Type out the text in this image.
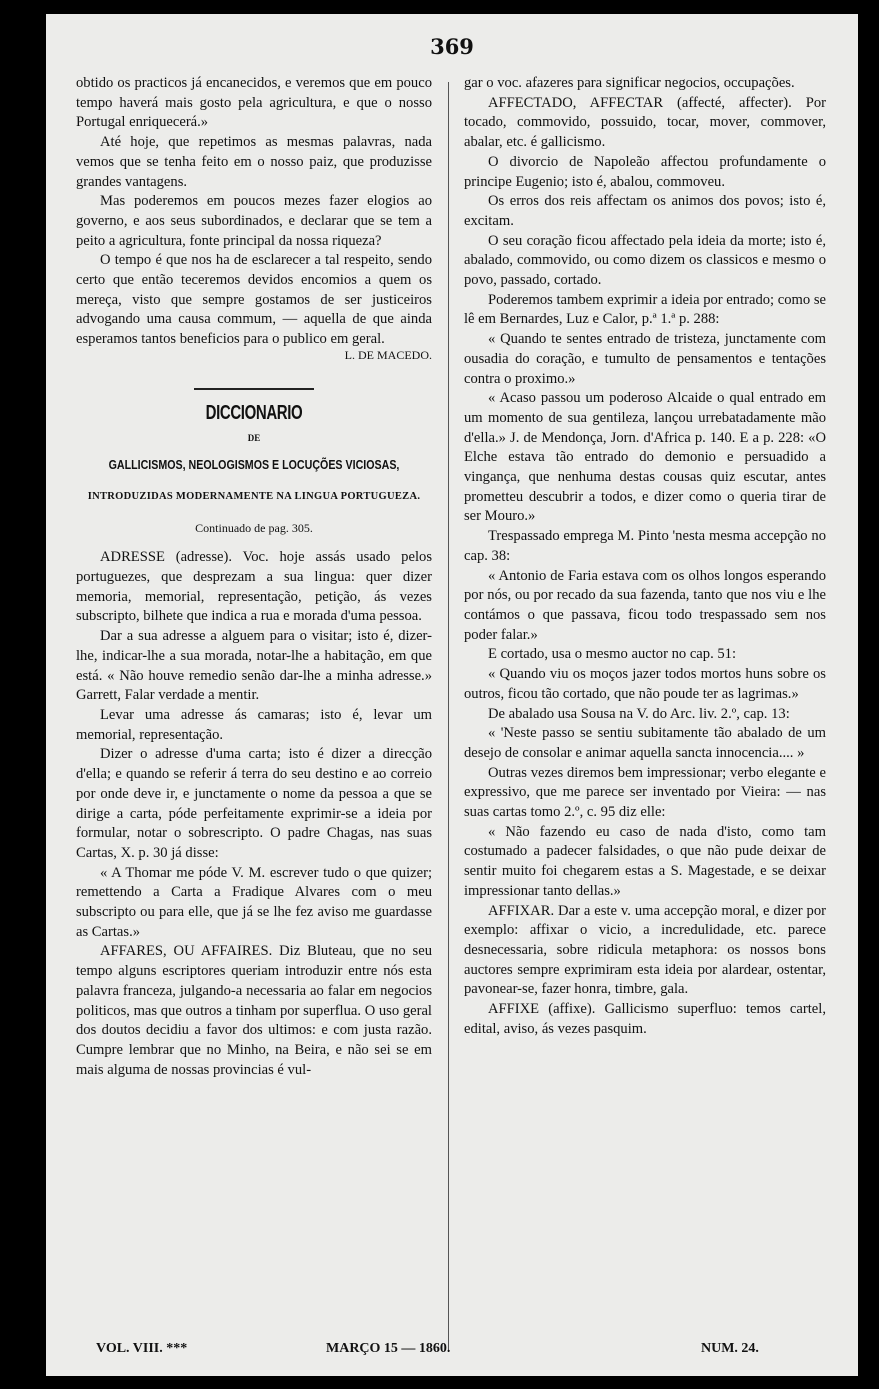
369

obtido os practicos já encanecidos, e veremos que em pouco tempo haverá mais gosto pela agricultura, e que o nosso Portugal enriquecerá.»

Até hoje, que repetimos as mesmas palavras, nada vemos que se tenha feito em o nosso paiz, que produzisse grandes vantagens.

Mas poderemos em poucos mezes fazer elogios ao governo, e aos seus subordinados, e declarar que se tem a peito a agricultura, fonte principal da nossa riqueza?

O tempo é que nos ha de esclarecer a tal respeito, sendo certo que então teceremos devidos encomios a quem os mereça, visto que sempre gostamos de ser justiceiros advogando uma causa commum, — aquella de que ainda esperamos tantos beneficios para o publico em geral.

L. DE MACEDO.

DICCIONARIO
DE
GALLICISMOS, NEOLOGISMOS E LOCUÇÕES VICIOSAS,
INTRODUZIDAS MODERNAMENTE NA LINGUA PORTUGUEZA.
Continuado de pag. 305.

ADRESSE (adresse). Voc. hoje assás usado pelos portuguezes, que desprezam a sua lingua: quer dizer memoria, memorial, representação, petição, ás vezes subscripto, bilhete que indica a rua e morada d'uma pessoa.

Dar a sua adresse a alguem para o visitar; isto é, dizer-lhe, indicar-lhe a sua morada, notar-lhe a habitação, em que está. « Não houve remedio senão dar-lhe a minha adresse.» Garrett, Falar verdade a mentir.

Levar uma adresse ás camaras; isto é, levar um memorial, representação.

Dizer o adresse d'uma carta; isto é dizer a direcção d'ella; e quando se referir á terra do seu destino e ao correio por onde deve ir, e junctamente o nome da pessoa a que se dirige a carta, póde perfeitamente exprimir-se a ideia por formular, notar o sobrescripto. O padre Chagas, nas suas Cartas, X. p. 30 já disse:

« A Thomar me póde V. M. escrever tudo o que quizer; remettendo a Carta a Fradique Alvares com o meu subscripto ou para elle, que já se lhe fez aviso me guardasse as Cartas.»

AFFARES, OU AFFAIRES. Diz Bluteau, que no seu tempo alguns escriptores queriam introduzir entre nós esta palavra franceza, julgando-a necessaria ao falar em negocios politicos, mas que outros a tinham por superflua. O uso geral dos doutos decidiu a favor dos ultimos: e com justa razão. Cumpre lembrar que no Minho, na Beira, e não sei se em mais alguma de nossas provincias é vul-

gar o voc. afazeres para significar negocios, occupações.

AFFECTADO, AFFECTAR (affecté, affecter). Por tocado, commovido, possuido, tocar, mover, commover, abalar, etc. é gallicismo.

O divorcio de Napoleão affectou profundamente o principe Eugenio; isto é, abalou, commoveu.

Os erros dos reis affectam os animos dos povos; isto é, excitam.

O seu coração ficou affectado pela ideia da morte; isto é, abalado, commovido, ou como dizem os classicos e mesmo o povo, passado, cortado.

Poderemos tambem exprimir a ideia por entrado; como se lê em Bernardes, Luz e Calor, p.ª 1.ª p. 288:

« Quando te sentes entrado de tristeza, junctamente com ousadia do coração, e tumulto de pensamentos e tentações contra o proximo.»

« Acaso passou um poderoso Alcaide o qual entrado em um momento de sua gentileza, lançou urrebatadamente mão d'ella.» J. de Mendonça, Jorn. d'Africa p. 140. E a p. 228: «O Elche estava tão entrado do demonio e persuadido a vingança, que nenhuma destas cousas quiz escutar, antes prometteu descubrir a todos, e dizer como o queria tirar de ser Mouro.»

Trespassado emprega M. Pinto 'nesta mesma accepção no cap. 38:

« Antonio de Faria estava com os olhos longos esperando por nós, ou por recado da sua fazenda, tanto que nos viu e lhe contámos o que passava, ficou todo trespassado sem nos poder falar.»

E cortado, usa o mesmo auctor no cap. 51:

« Quando viu os moços jazer todos mortos huns sobre os outros, ficou tão cortado, que não poude ter as lagrimas.»

De abalado usa Sousa na V. do Arc. liv. 2.º, cap. 13:

« 'Neste passo se sentiu subitamente tão abalado de um desejo de consolar e animar aquella sancta innocencia.... »

Outras vezes diremos bem impressionar; verbo elegante e expressivo, que me parece ser inventado por Vieira: — nas suas cartas tomo 2.º, c. 95 diz elle:

« Não fazendo eu caso de nada d'isto, como tam costumado a padecer falsidades, o que não pude deixar de sentir muito foi chegarem estas a S. Magestade, e se deixar impressionar tanto dellas.»

AFFIXAR. Dar a este v. uma accepção moral, e dizer por exemplo: affixar o vicio, a incredulidade, etc. parece desnecessaria, sobre ridicula metaphora: os nossos bons auctores sempre exprimiram esta ideia por alardear, ostentar, pavonear-se, fazer honra, timbre, gala.

AFFIXE (affixe). Gallicismo superfluo: temos cartel, edital, aviso, ás vezes pasquim.

VOL. VIII. ***	MARÇO 15 — 1860.	NUM. 24.
